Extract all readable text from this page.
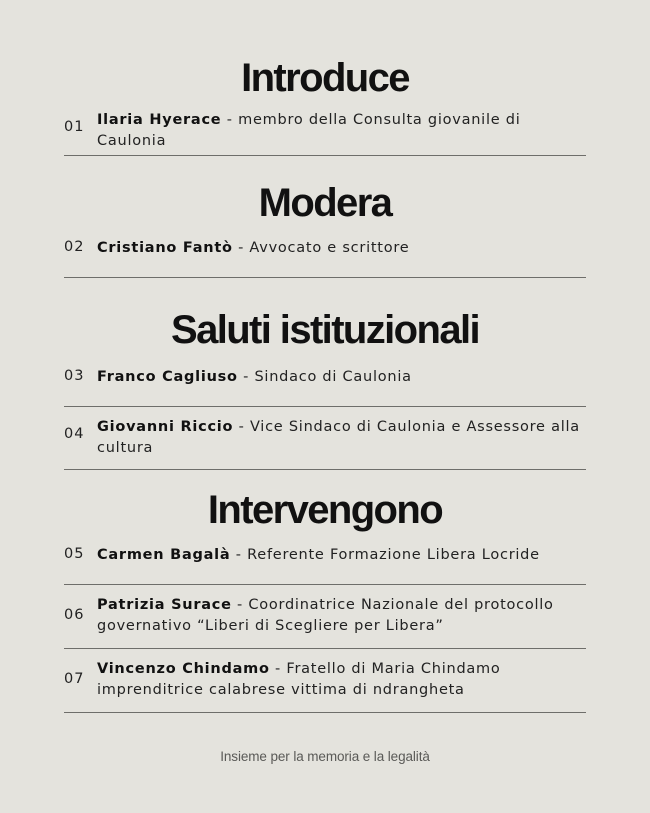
Introduce
01 Ilaria Hyerace - membro della Consulta giovanile di Caulonia
Modera
02 Cristiano Fantò - Avvocato e scrittore
Saluti istituzionali
03 Franco Cagliuso - Sindaco di Caulonia
04 Giovanni Riccio - Vice Sindaco di Caulonia e Assessore alla cultura
Intervengono
05 Carmen Bagalà - Referente Formazione Libera Locride
06
Patrizia Surace - Coordinatrice Nazionale del protocollo governativo “Liberi di Scegliere per Libera”
07
Vincenzo Chindamo - Fratello di Maria Chindamo imprenditrice calabrese vittima di ndrangheta
Insieme per la memoria e la legalità
